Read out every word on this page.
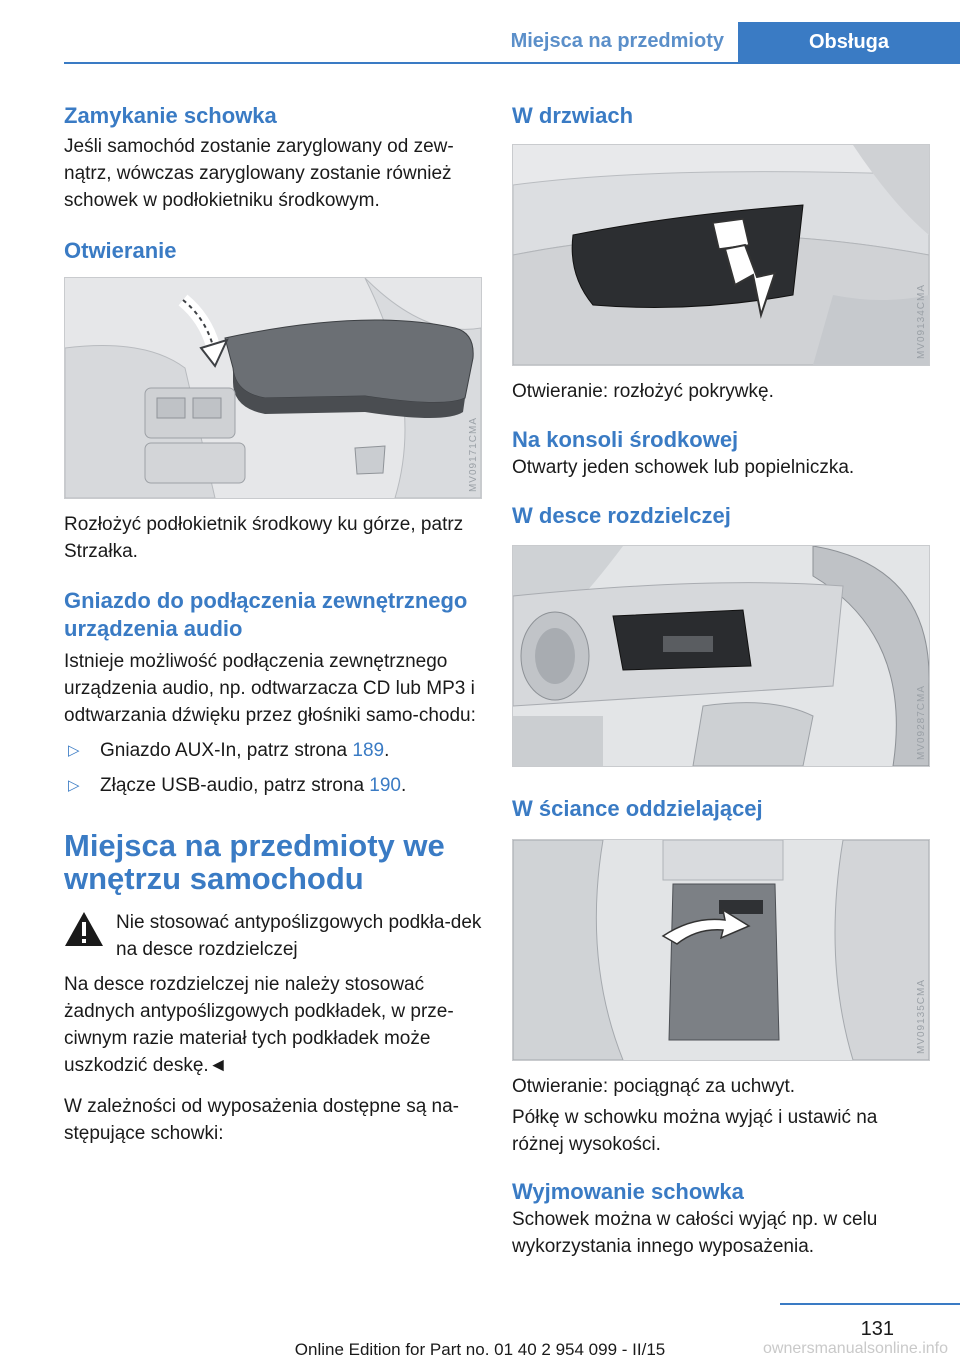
Miejsca na przedmioty	Obsługa
Zamykanie schowka

Jeśli samochód zostanie zaryglowany od zew-nątrz, wówczas zaryglowany zostanie również schowek w podłokietniku środkowym.

Otwieranie
MV09171CMA

Rozłożyć podłokietnik środkowy ku górze, patrz Strzałka.

Gniazdo do podłączenia zewnętrznego urządzenia audio

Istnieje możliwość podłączenia zewnętrznego urządzenia audio, np. odtwarzacza CD lub MP3 i odtwarzania dźwięku przez głośniki samo-chodu:

▷ Gniazdo AUX-In, patrz strona 189.
▷ Złącze USB-audio, patrz strona 190.
Miejsca na przedmioty we wnętrzu samochodu

Nie stosować antypoślizgowych podkła-dek na desce rozdzielczej

Na desce rozdzielczej nie należy stosować żadnych antypoślizgowych podkładek, w prze-ciwnym razie materiał tych podkładek może uszkodzić deskę.◄

W zależności od wyposażenia dostępne są na-stępujące schowki:

W drzwiach
MV09134CMA

Otwieranie: rozłożyć pokrywkę.

Na konsoli środkowej

Otwarty jeden schowek lub popielniczka.

W desce rozdzielczej
MV09287CMA
W ściance oddzielającej
MV09135CMA

Otwieranie: pociągnąć za uchwyt.

Półkę w schowku można wyjąć i ustawić na różnej wysokości.

Wyjmowanie schowka

Schowek można w całości wyjąć np. w celu wykorzystania innego wyposażenia.

131
Online Edition for Part no. 01 40 2 954 099 - II/15	ownersmanualsonline.info
